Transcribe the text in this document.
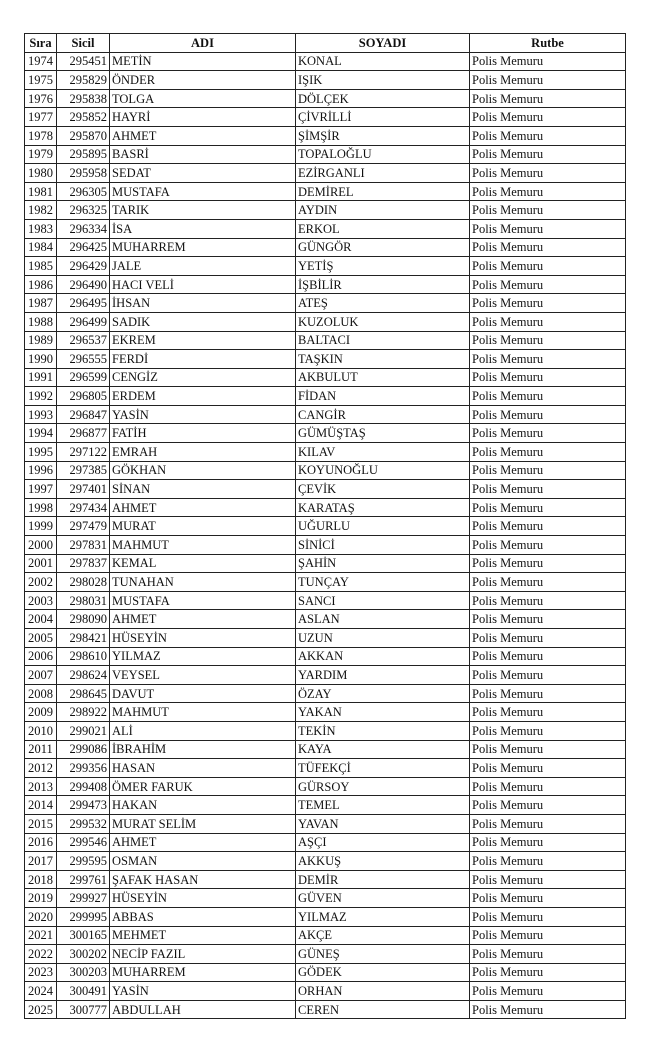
Sıra	Sicil	ADI	SOYADI	Rutbe
1974	295451	METİN	KONAL	Polis Memuru
1975	295829	ÖNDER	IŞIK	Polis Memuru
1976	295838	TOLGA	DÖLÇEK	Polis Memuru
1977	295852	HAYRİ	ÇİVRİLLİ	Polis Memuru
1978	295870	AHMET	ŞİMŞİR	Polis Memuru
1979	295895	BASRİ	TOPALOĞLU	Polis Memuru
1980	295958	SEDAT	EZİRGANLI	Polis Memuru
1981	296305	MUSTAFA	DEMİREL	Polis Memuru
1982	296325	TARIK	AYDIN	Polis Memuru
1983	296334	İSA	ERKOL	Polis Memuru
1984	296425	MUHARREM	GÜNGÖR	Polis Memuru
1985	296429	JALE	YETİŞ	Polis Memuru
1986	296490	HACI VELİ	İŞBİLİR	Polis Memuru
1987	296495	İHSAN	ATEŞ	Polis Memuru
1988	296499	SADIK	KUZOLUK	Polis Memuru
1989	296537	EKREM	BALTACI	Polis Memuru
1990	296555	FERDİ	TAŞKIN	Polis Memuru
1991	296599	CENGİZ	AKBULUT	Polis Memuru
1992	296805	ERDEM	FİDAN	Polis Memuru
1993	296847	YASİN	CANGİR	Polis Memuru
1994	296877	FATİH	GÜMÜŞTAŞ	Polis Memuru
1995	297122	EMRAH	KILAV	Polis Memuru
1996	297385	GÖKHAN	KOYUNOĞLU	Polis Memuru
1997	297401	SİNAN	ÇEVİK	Polis Memuru
1998	297434	AHMET	KARATAŞ	Polis Memuru
1999	297479	MURAT	UĞURLU	Polis Memuru
2000	297831	MAHMUT	SİNİCİ	Polis Memuru
2001	297837	KEMAL	ŞAHİN	Polis Memuru
2002	298028	TUNAHAN	TUNÇAY	Polis Memuru
2003	298031	MUSTAFA	SANCI	Polis Memuru
2004	298090	AHMET	ASLAN	Polis Memuru
2005	298421	HÜSEYİN	UZUN	Polis Memuru
2006	298610	YILMAZ	AKKAN	Polis Memuru
2007	298624	VEYSEL	YARDIM	Polis Memuru
2008	298645	DAVUT	ÖZAY	Polis Memuru
2009	298922	MAHMUT	YAKAN	Polis Memuru
2010	299021	ALİ	TEKİN	Polis Memuru
2011	299086	İBRAHİM	KAYA	Polis Memuru
2012	299356	HASAN	TÜFEKÇİ	Polis Memuru
2013	299408	ÖMER FARUK	GÜRSOY	Polis Memuru
2014	299473	HAKAN	TEMEL	Polis Memuru
2015	299532	MURAT SELİM	YAVAN	Polis Memuru
2016	299546	AHMET	AŞÇI	Polis Memuru
2017	299595	OSMAN	AKKUŞ	Polis Memuru
2018	299761	ŞAFAK HASAN	DEMİR	Polis Memuru
2019	299927	HÜSEYİN	GÜVEN	Polis Memuru
2020	299995	ABBAS	YILMAZ	Polis Memuru
2021	300165	MEHMET	AKÇE	Polis Memuru
2022	300202	NECİP FAZIL	GÜNEŞ	Polis Memuru
2023	300203	MUHARREM	GÖDEK	Polis Memuru
2024	300491	YASİN	ORHAN	Polis Memuru
2025	300777	ABDULLAH	CEREN	Polis Memuru
